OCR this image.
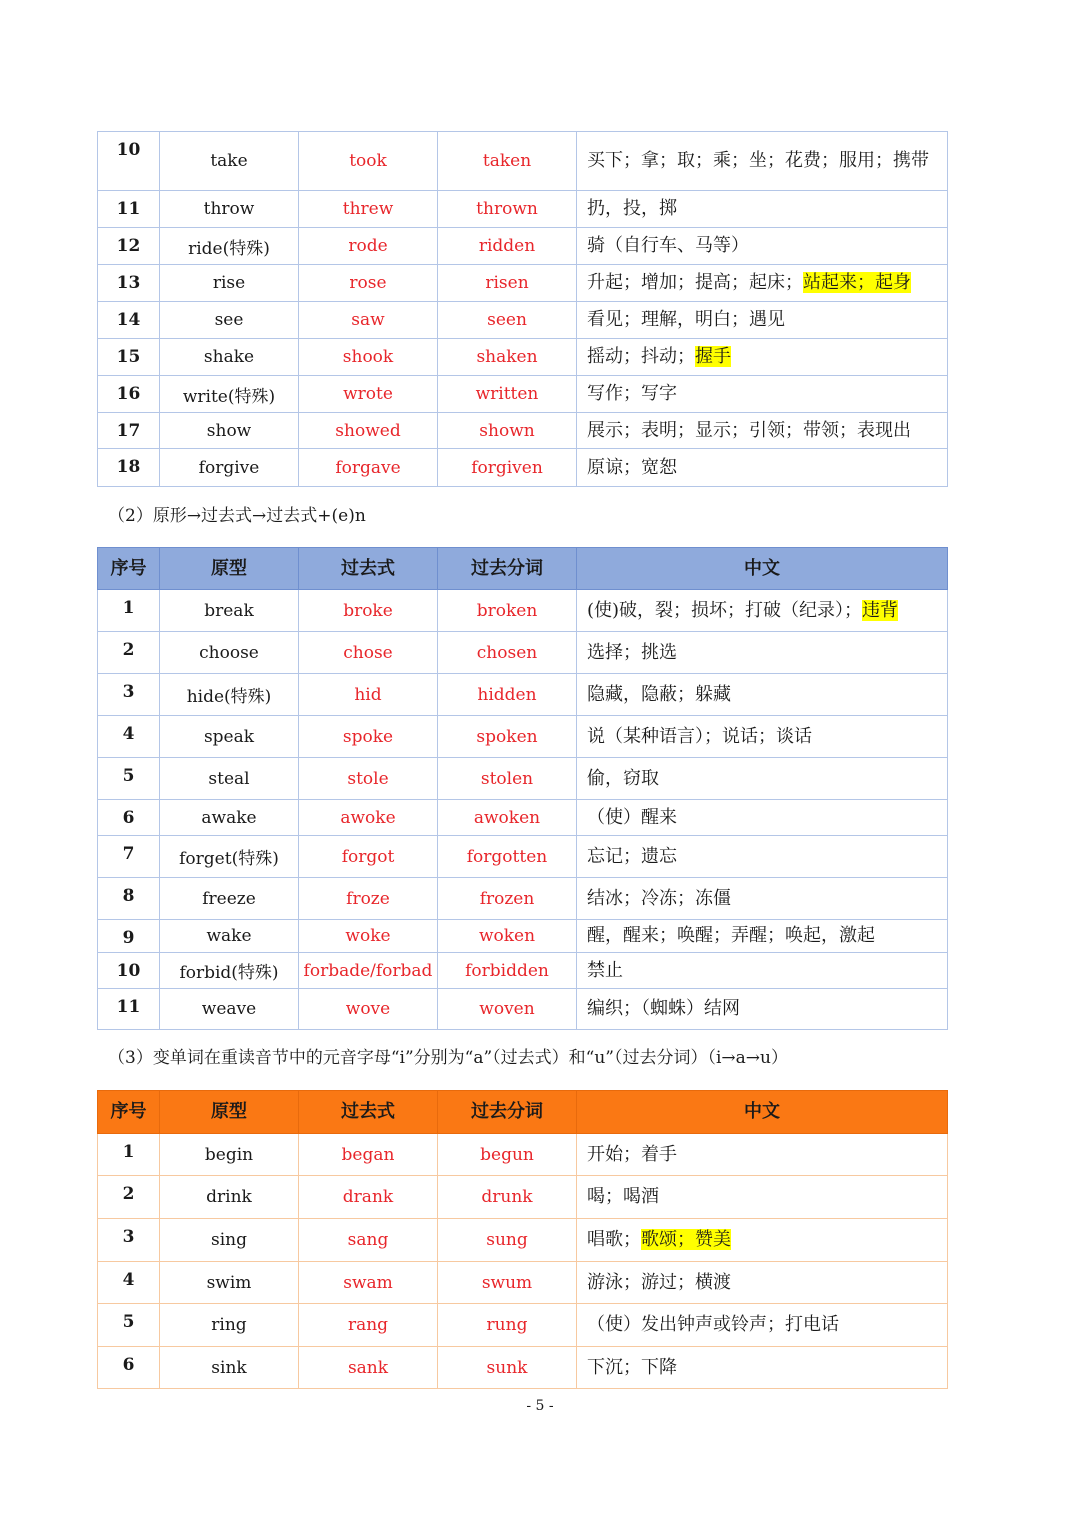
10	take	took	taken	买下；拿；取；乘；坐；花费；服用；携带
11	throw	threw	thrown	扔，投，掷
12	ride(特殊)	rode	ridden	骑（自行车、马等）
13	rise	rose	risen	升起；增加；提高；起床；站起来；起身
14	see	saw	seen	看见；理解，明白；遇见
15	shake	shook	shaken	摇动；抖动；握手
16	write(特殊)	wrote	written	写作；写字
17	show	showed	shown	展示；表明；显示；引领；带领；表现出
18	forgive	forgave	forgiven	原谅；宽恕
（2）原形→过去式→过去式+(e)n
序号	原型	过去式	过去分词	中文
1	break	broke	broken	(使)破，裂；损坏；打破（纪录）；违背
2	choose	chose	chosen	选择；挑选
3	hide(特殊)	hid	hidden	隐藏，隐蔽；躲藏
4	speak	spoke	spoken	说（某种语言）；说话；谈话
5	steal	stole	stolen	偷，窃取
6	awake	awoke	awoken	（使）醒来
7	forget(特殊)	forgot	forgotten	忘记；遗忘
8	freeze	froze	frozen	结冰；冷冻；冻僵
9	wake	woke	woken	醒，醒来；唤醒；弄醒；唤起，激起
10	forbid(特殊)	forbade/forbad	forbidden	禁止
11	weave	wove	woven	编织；（蜘蛛）结网
（3）变单词在重读音节中的元音字母“i”分别为“a”（过去式）和“u”（过去分词）（i→a→u）
序号	原型	过去式	过去分词	中文
1	begin	began	begun	开始；着手
2	drink	drank	drunk	喝；喝酒
3	sing	sang	sung	唱歌；歌颂；赞美
4	swim	swam	swum	游泳；游过；横渡
5	ring	rang	rung	（使）发出钟声或铃声；打电话
6	sink	sank	sunk	下沉；下降
- 5 -
